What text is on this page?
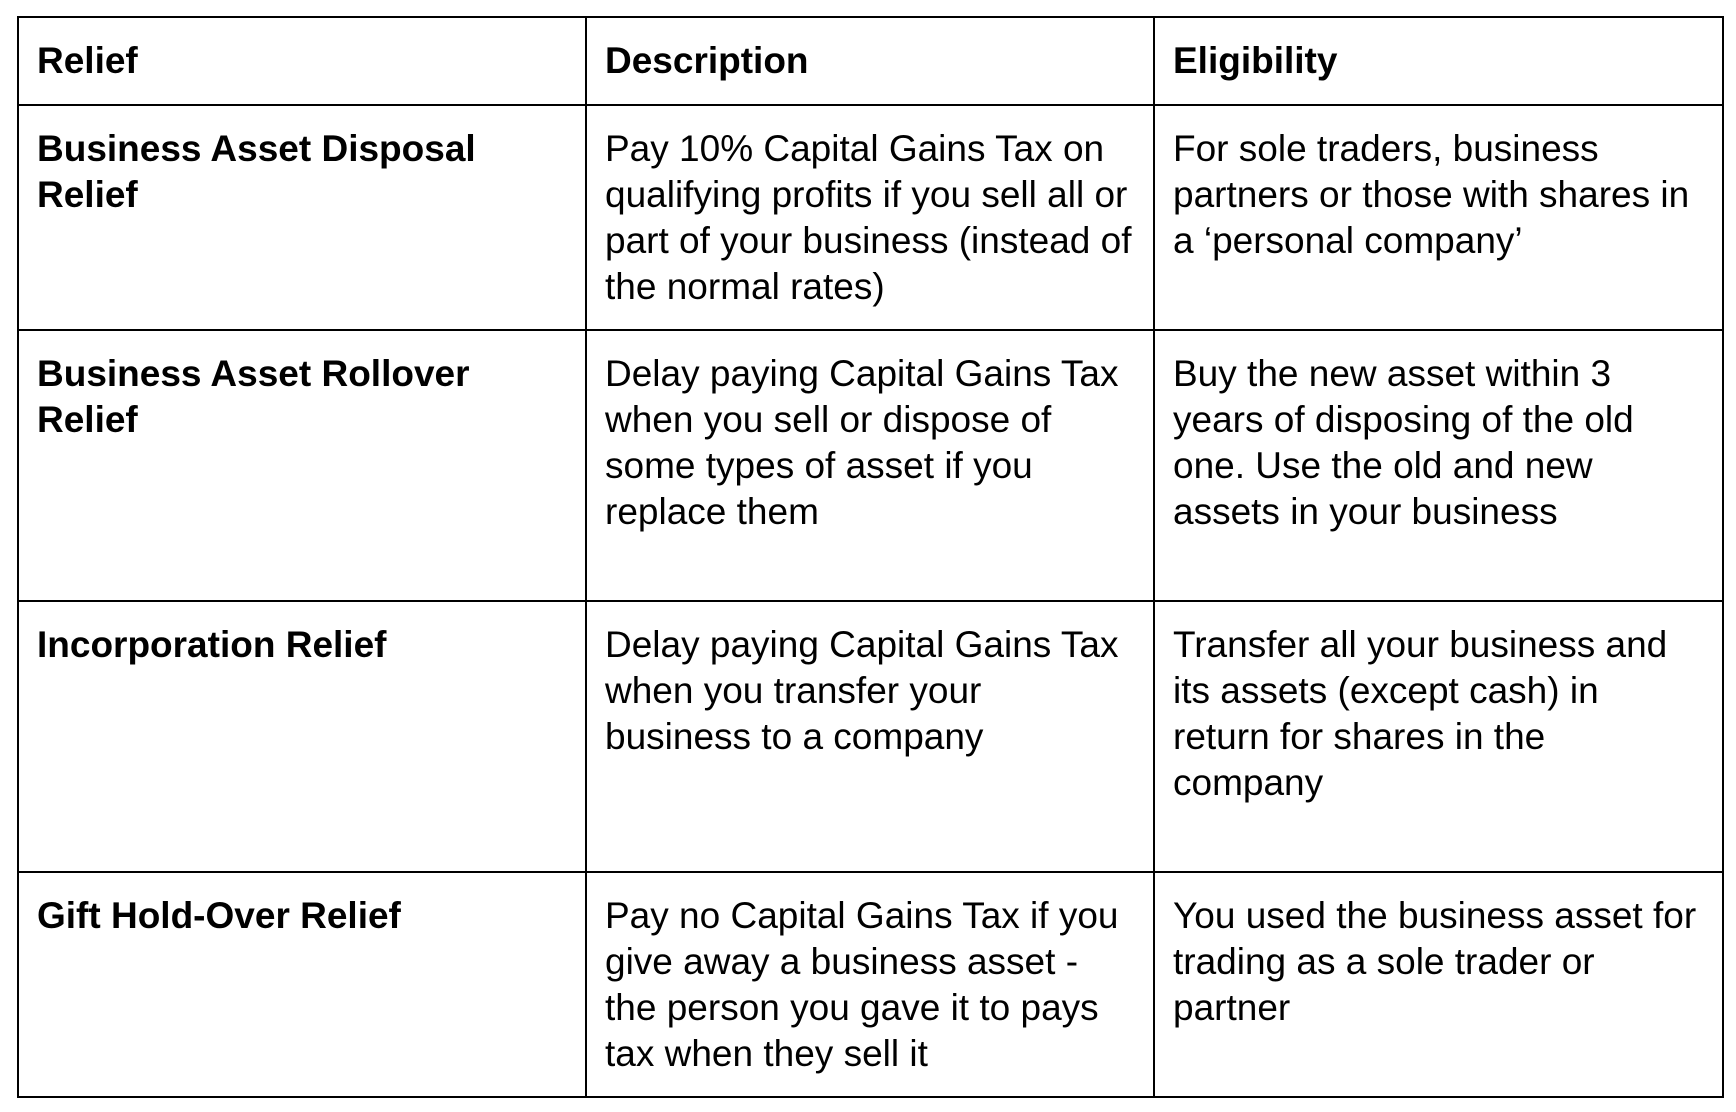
Relief	Description	Eligibility
Business Asset Disposal Relief	Pay 10% Capital Gains Tax on qualifying profits if you sell all or part of your business (instead of the normal rates)	For sole traders, business partners or those with shares in a ‘personal company’
Business Asset Rollover Relief	Delay paying Capital Gains Tax when you sell or dispose of some types of asset if you replace them	Buy the new asset within 3 years of disposing of the old one. Use the old and new assets in your business
Incorporation Relief	Delay paying Capital Gains Tax when you transfer your business to a company	Transfer all your business and its assets (except cash) in return for shares in the company
Gift Hold-Over Relief	Pay no Capital Gains Tax if you give away a business asset - the person you gave it to pays tax when they sell it	You used the business asset for trading as a sole trader or partner
